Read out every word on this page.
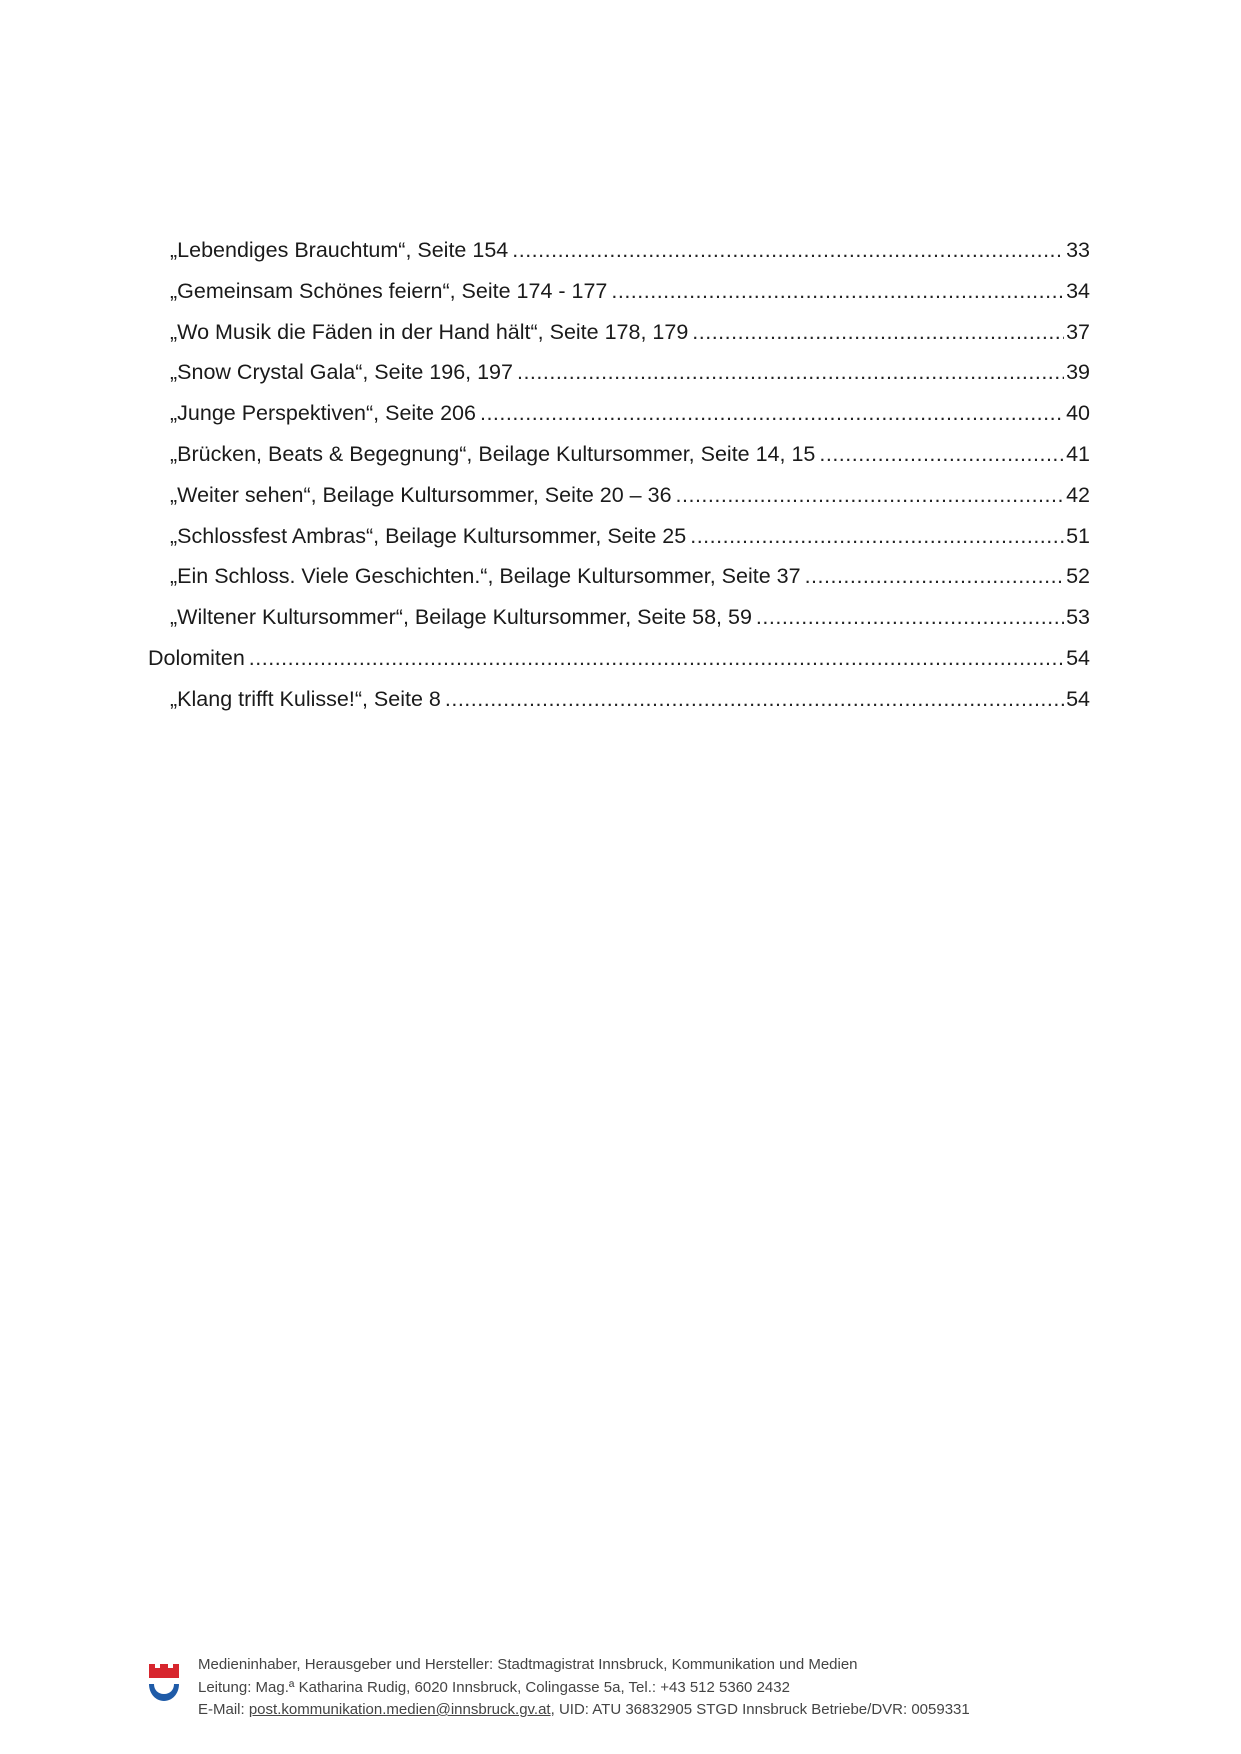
„Lebendiges Brauchtum“, Seite 154 .....	33
„Gemeinsam Schönes feiern“, Seite 174 - 177 .....	34
„Wo Musik die Fäden in der Hand hält“, Seite 178, 179 .....	37
„Snow Crystal Gala“, Seite 196, 197 .....	39
„Junge Perspektiven“, Seite 206 .....	40
„Brücken, Beats & Begegnung“, Beilage Kultursommer, Seite 14, 15 .....	41
„Weiter sehen“, Beilage Kultursommer, Seite 20 – 36 .....	42
„Schlossfest Ambras“, Beilage Kultursommer, Seite 25 .....	51
„Ein Schloss. Viele Geschichten.“, Beilage Kultursommer, Seite 37 .....	52
„Wiltener Kultursommer“, Beilage Kultursommer, Seite 58, 59 .....	53
Dolomiten .....	54
„Klang trifft Kulisse!“, Seite 8 .....	54
Medieninhaber, Herausgeber und Hersteller: Stadtmagistrat Innsbruck, Kommunikation und Medien
Leitung: Mag.ª Katharina Rudig, 6020 Innsbruck, Colingasse 5a, Tel.: +43 512 5360 2432
E-Mail: post.kommunikation.medien@innsbruck.gv.at, UID: ATU 36832905 STGD Innsbruck Betriebe/DVR: 0059331
